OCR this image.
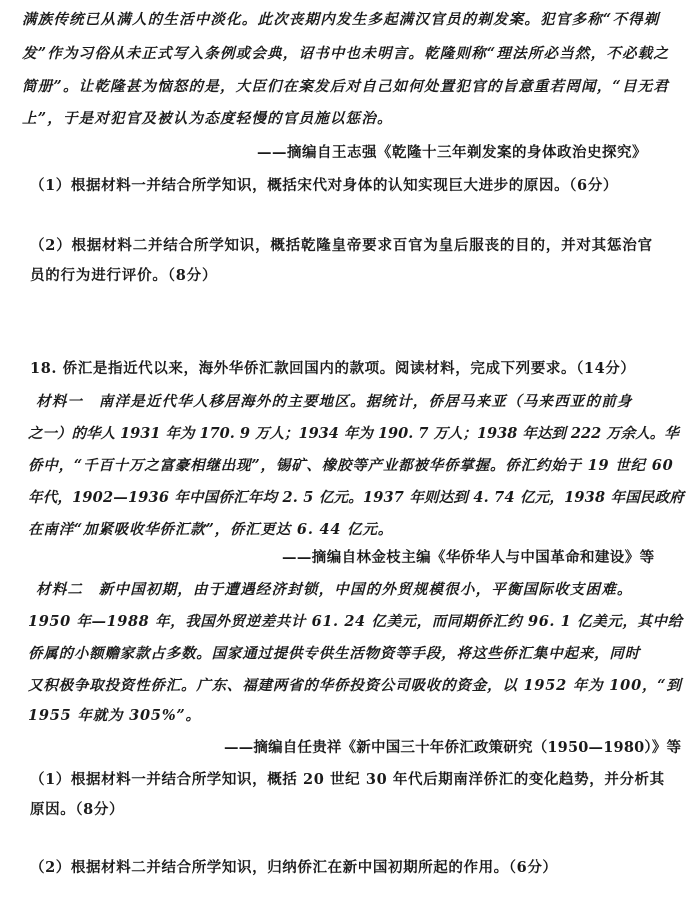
满族传统已从满人的生活中淡化。此次丧期内发生多起满汉官员的剃发案。犯官多称“不得剃

发”作为习俗从未正式写入条例或会典，诏书中也未明言。乾隆则称“理法所必当然，不必载之

简册”。让乾隆甚为恼怒的是，大臣们在案发后对自己如何处置犯官的旨意重若罔闻，“目无君

上”，于是对犯官及被认为态度轻慢的官员施以惩治。

——摘编自王志强《乾隆十三年剃发案的身体政治史探究》

（1）根据材料一并结合所学知识，概括宋代对身体的认知实现巨大进步的原因。（6分）

（2）根据材料二并结合所学知识，概括乾隆皇帝要求百官为皇后服丧的目的，并对其惩治官

员的行为进行评价。（8分）

18. 侨汇是指近代以来，海外华侨汇款回国内的款项。阅读材料，完成下列要求。（14分）

材料一　南洋是近代华人移居海外的主要地区。据统计，侨居马来亚（马来西亚的前身

之一）的华人 1931 年为 170. 9 万人；1934 年为 190. 7 万人；1938 年达到 222 万余人。华

侨中，“千百十万之富豪相继出现”，锡矿、橡胶等产业都被华侨掌握。侨汇约始于 19 世纪 60

年代，1902—1936 年中国侨汇年均 2. 5 亿元。1937 年则达到 4. 74 亿元，1938 年国民政府

在南洋“加紧吸收华侨汇款”，侨汇更达 6. 44 亿元。

——摘编自林金枝主编《华侨华人与中国革命和建设》等

材料二　新中国初期，由于遭遇经济封锁，中国的外贸规模很小，平衡国际收支困难。

1950 年—1988 年，我国外贸逆差共计 61. 24 亿美元，而同期侨汇约 96. 1 亿美元，其中给

侨属的小额赡家款占多数。国家通过提供专供生活物资等手段，将这些侨汇集中起来，同时

又积极争取投资性侨汇。广东、福建两省的华侨投资公司吸收的资金，以 1952 年为 100，“到

1955 年就为 305%”。

——摘编自任贵祥《新中国三十年侨汇政策研究（1950—1980）》等

（1）根据材料一并结合所学知识，概括 20 世纪 30 年代后期南洋侨汇的变化趋势，并分析其

原因。（8分）

（2）根据材料二并结合所学知识，归纳侨汇在新中国初期所起的作用。（6分）
